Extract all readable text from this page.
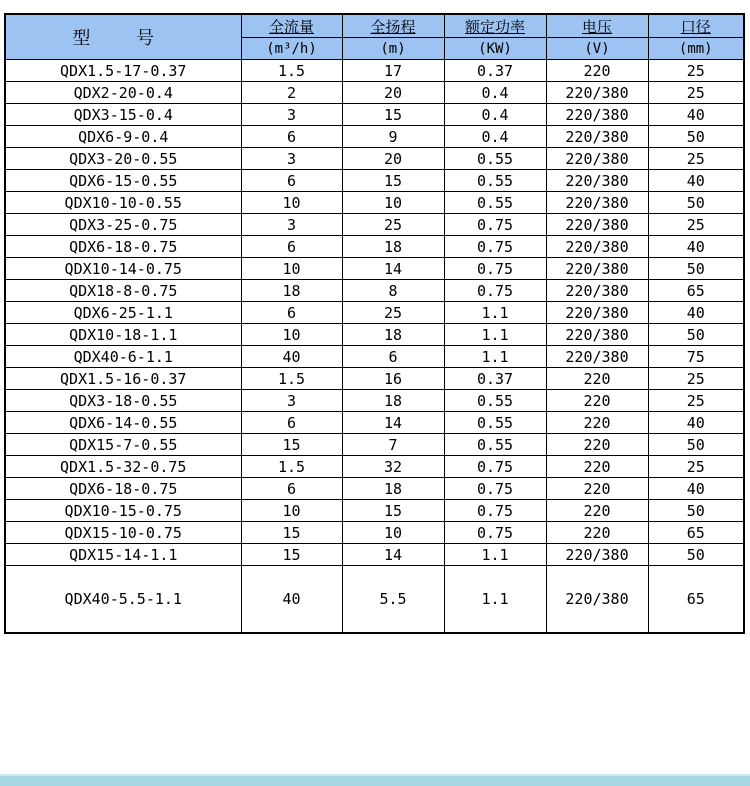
型 号	全流量	全扬程	额定功率	电压	口径
	(m³/h)	(m)	(KW)	(V)	(mm)
QDX1.5-17-0.37	1.5	17	0.37	220	25
QDX2-20-0.4	2	20	0.4	220/380	25
QDX3-15-0.4	3	15	0.4	220/380	40
QDX6-9-0.4	6	9	0.4	220/380	50
QDX3-20-0.55	3	20	0.55	220/380	25
QDX6-15-0.55	6	15	0.55	220/380	40
QDX10-10-0.55	10	10	0.55	220/380	50
QDX3-25-0.75	3	25	0.75	220/380	25
QDX6-18-0.75	6	18	0.75	220/380	40
QDX10-14-0.75	10	14	0.75	220/380	50
QDX18-8-0.75	18	8	0.75	220/380	65
QDX6-25-1.1	6	25	1.1	220/380	40
QDX10-18-1.1	10	18	1.1	220/380	50
QDX40-6-1.1	40	6	1.1	220/380	75
QDX1.5-16-0.37	1.5	16	0.37	220	25
QDX3-18-0.55	3	18	0.55	220	25
QDX6-14-0.55	6	14	0.55	220	40
QDX15-7-0.55	15	7	0.55	220	50
QDX1.5-32-0.75	1.5	32	0.75	220	25
QDX6-18-0.75	6	18	0.75	220	40
QDX10-15-0.75	10	15	0.75	220	50
QDX15-10-0.75	15	10	0.75	220	65
QDX15-14-1.1	15	14	1.1	220/380	50
QDX40-5.5-1.1	40	5.5	1.1	220/380	65
